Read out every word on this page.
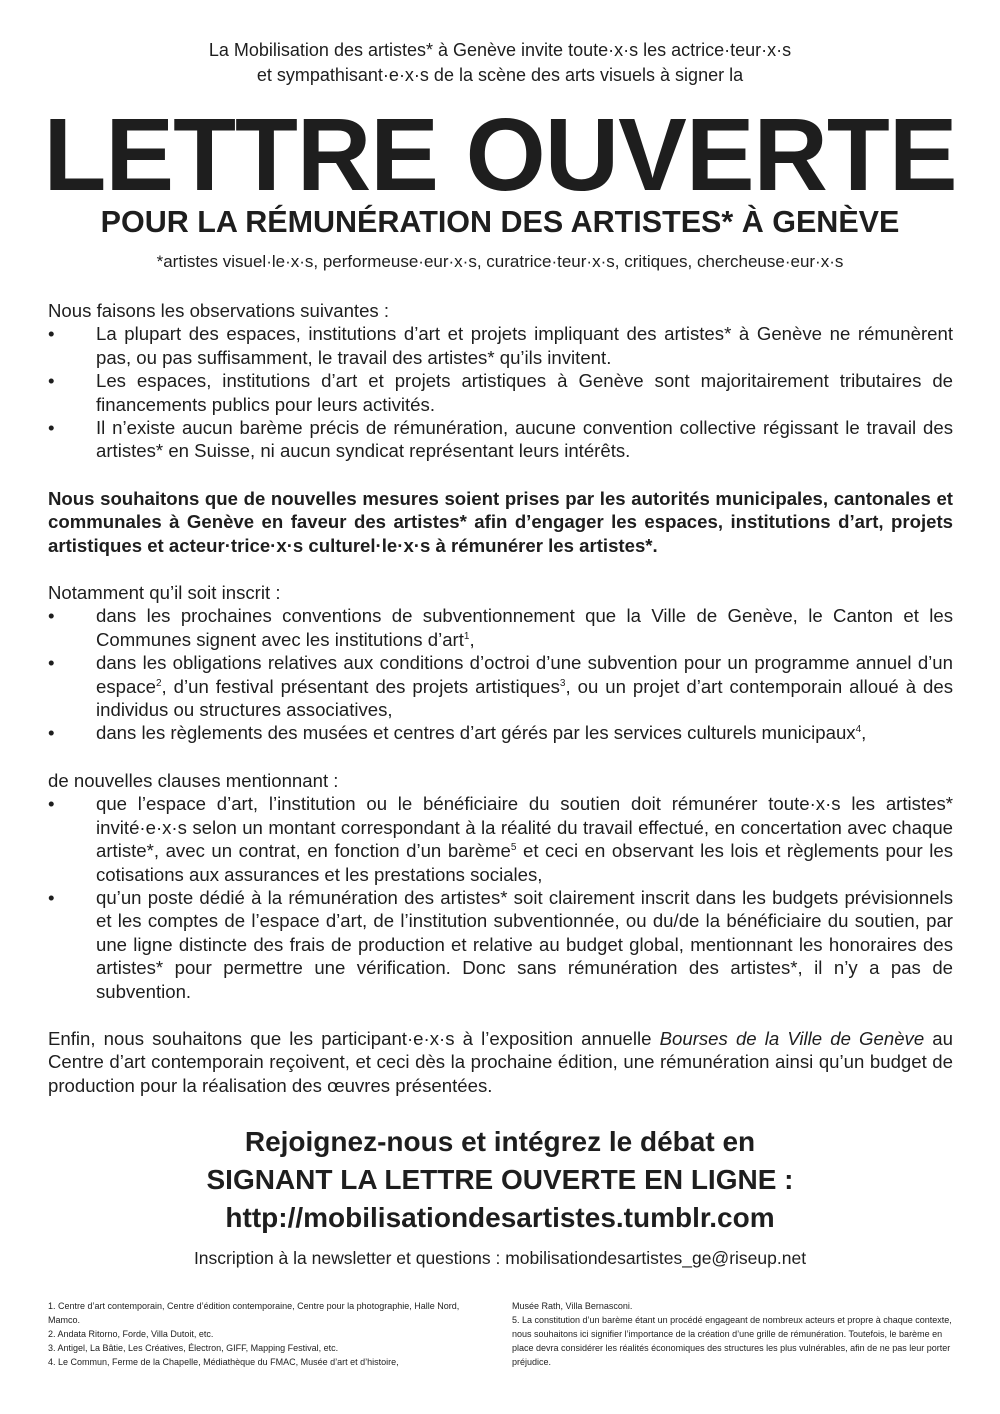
La Mobilisation des artistes* à Genève invite toute·x·s les actrice·teur·x·s
et sympathisant·e·x·s de la scène des arts visuels à signer la
LETTRE OUVERTE
POUR LA RÉMUNÉRATION DES ARTISTES* À GENÈVE
*artistes visuel·le·x·s, performeuse·eur·x·s, curatrice·teur·x·s, critiques, chercheuse·eur·x·s

Nous faisons les observations suivantes :

• La plupart des espaces, institutions d’art et projets impliquant des artistes* à Genève ne rémunèrent pas, ou pas suffisamment, le travail des artistes* qu’ils invitent.
• Les espaces, institutions d’art et projets artistiques à Genève sont majoritairement tributaires de financements publics pour leurs activités.
• Il n’existe aucun barème précis de rémunération, aucune convention collective régissant le travail des artistes* en Suisse, ni aucun syndicat représentant leurs intérêts.

Nous souhaitons que de nouvelles mesures soient prises par les autorités municipales, cantonales et communales à Genève en faveur des artistes* afin d’engager les espaces, institutions d’art, projets artistiques et acteur·trice·x·s culturel·le·x·s à rémunérer les artistes*.

Notamment qu’il soit inscrit :

• dans les prochaines conventions de subventionnement que la Ville de Genève, le Canton et les Communes signent avec les institutions d’art$^1$,
• dans les obligations relatives aux conditions d’octroi d’une subvention pour un programme annuel d’un espace$^2$, d’un festival présentant des projets artistiques$^3$, ou un projet d’art contemporain alloué à des individus ou structures associatives,
• dans les règlements des musées et centres d’art gérés par les services culturels municipaux$^4$,

de nouvelles clauses mentionnant :

• que l’espace d’art, l’institution ou le bénéficiaire du soutien doit rémunérer toute·x·s les artistes* invité·e·x·s selon un montant correspondant à la réalité du travail effectué, en concertation avec chaque artiste*, avec un contrat, en fonction d’un barème$^5$ et ceci en observant les lois et règlements pour les cotisations aux assurances et les prestations sociales,
• qu’un poste dédié à la rémunération des artistes* soit clairement inscrit dans les budgets prévisionnels et les comptes de l’espace d’art, de l’institution subventionnée, ou du/de la bénéficiaire du soutien, par une ligne distincte des frais de production et relative au budget global, mentionnant les honoraires des artistes* pour permettre une vérification. Donc sans rémunération des artistes*, il n’y a pas de subvention.

Enfin, nous souhaitons que les participant·e·x·s à l’exposition annuelle Bourses de la Ville de Genève au Centre d’art contemporain reçoivent, et ceci dès la prochaine édition, une rémunération ainsi qu’un budget de production pour la réalisation des œuvres présentées.

Rejoignez-nous et intégrez le débat en
SIGNANT LA LETTRE OUVERTE EN LIGNE :
http://mobilisationdesartistes.tumblr.com
Inscription à la newsletter et questions : mobilisationdesartistes_ge@riseup.net
1. Centre d’art contemporain, Centre d’édition contemporaine, Centre pour la photographie, Halle Nord, Mamco.
2. Andata Ritorno, Forde, Villa Dutoit, etc.
3. Antigel, La Bâtie, Les Créatives, Électron, GIFF, Mapping Festival, etc.
4. Le Commun, Ferme de la Chapelle, Médiathèque du FMAC, Musée d’art et d’histoire,
Musée Rath, Villa Bernasconi.
5. La constitution d’un barème étant un procédé engageant de nombreux acteurs et propre à chaque contexte, nous souhaitons ici signifier l’importance de la création d’une grille de rémunération. Toutefois, le barème en place devra considérer les réalités économiques des structures les plus vulnérables, afin de ne pas leur porter préjudice.
